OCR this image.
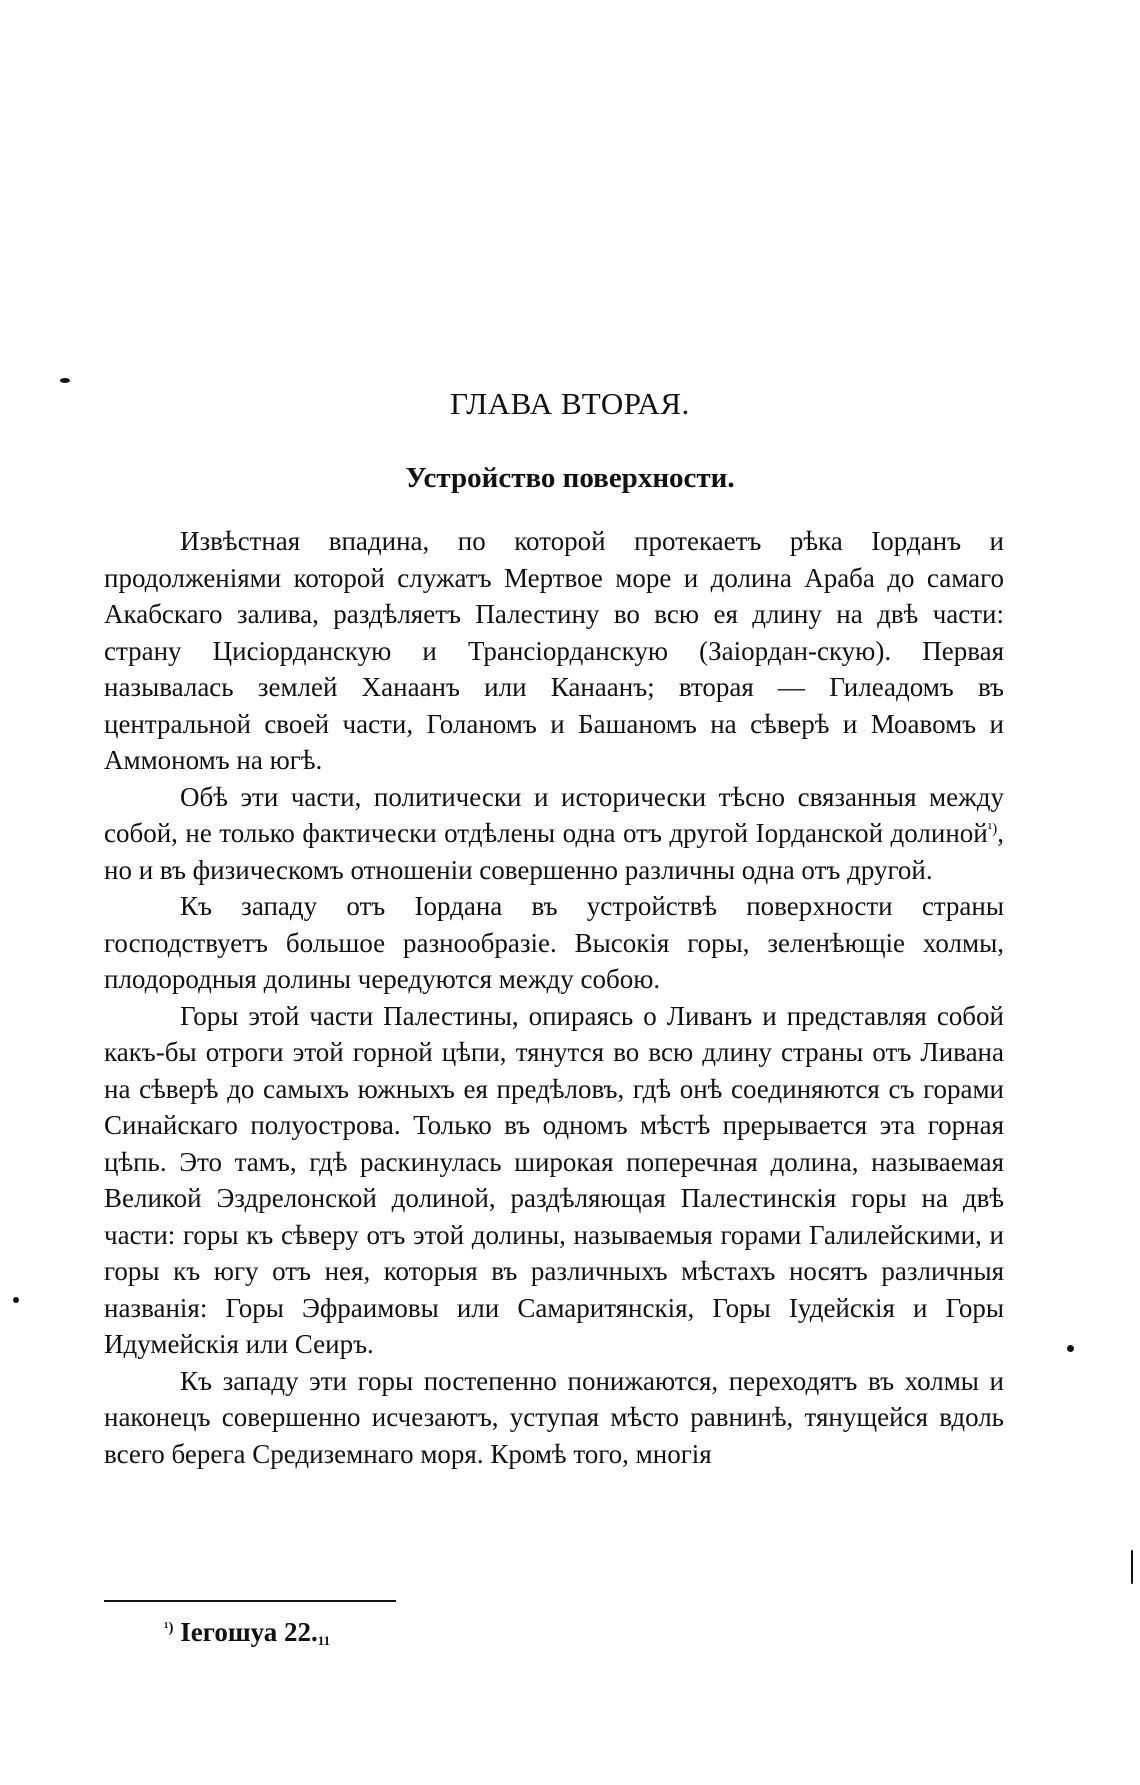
ГЛАВА ВТОРАЯ.
Устройство поверхности.

Извѣстная впадина, по которой протекаетъ рѣка Іорданъ и продолженіями которой служатъ Мертвое море и долина Араба до самаго Акабскаго залива, раздѣляетъ Палестину во всю ея длину на двѣ части: страну Цисіорданскую и Трансіорданскую (Заіордан-скую). Первая называлась землей Ханаанъ или Канаанъ; вторая — Гилеадомъ въ центральной своей части, Голаномъ и Башаномъ на сѣверѣ и Моавомъ и Аммономъ на югѣ.

Обѣ эти части, политически и исторически тѣсно связанныя между собой, не только фактически отдѣлены одна отъ другой Іорданской долиной$^{^1)}$, но и въ физическомъ отношеніи совершенно различны одна отъ другой.

Къ западу отъ Іордана въ устройствѣ поверхности страны господствуетъ большое разнообразіе. Высокія горы, зеленѣющіе холмы, плодородныя долины чередуются между собою.

Горы этой части Палестины, опираясь о Ливанъ и представляя собой какъ-бы отроги этой горной цѣпи, тянутся во всю длину страны отъ Ливана на сѣверѣ до самыхъ южныхъ ея предѣловъ, гдѣ онѣ соединяются съ горами Синайскаго полуострова. Только въ одномъ мѣстѣ прерывается эта горная цѣпь. Это тамъ, гдѣ раскинулась широкая поперечная долина, называемая Великой Эздрелонской долиной, раздѣляющая Палестинскія горы на двѣ части: горы къ сѣверу отъ этой долины, называемыя горами Галилейскими, и горы къ югу отъ нея, которыя въ различныхъ мѣстахъ носятъ различныя названія: Горы Эфраимовы или Самаритянскія, Горы Іудейскія и Горы Идумейскія или Сеиръ.

Къ западу эти горы постепенно понижаются, переходятъ въ холмы и наконецъ совершенно исчезаютъ, уступая мѣсто равнинѣ, тянущейся вдоль всего берега Средиземнаго моря. Кромѣ того, многія

$^{^1)}$ Іегошуа $22._{11}$
